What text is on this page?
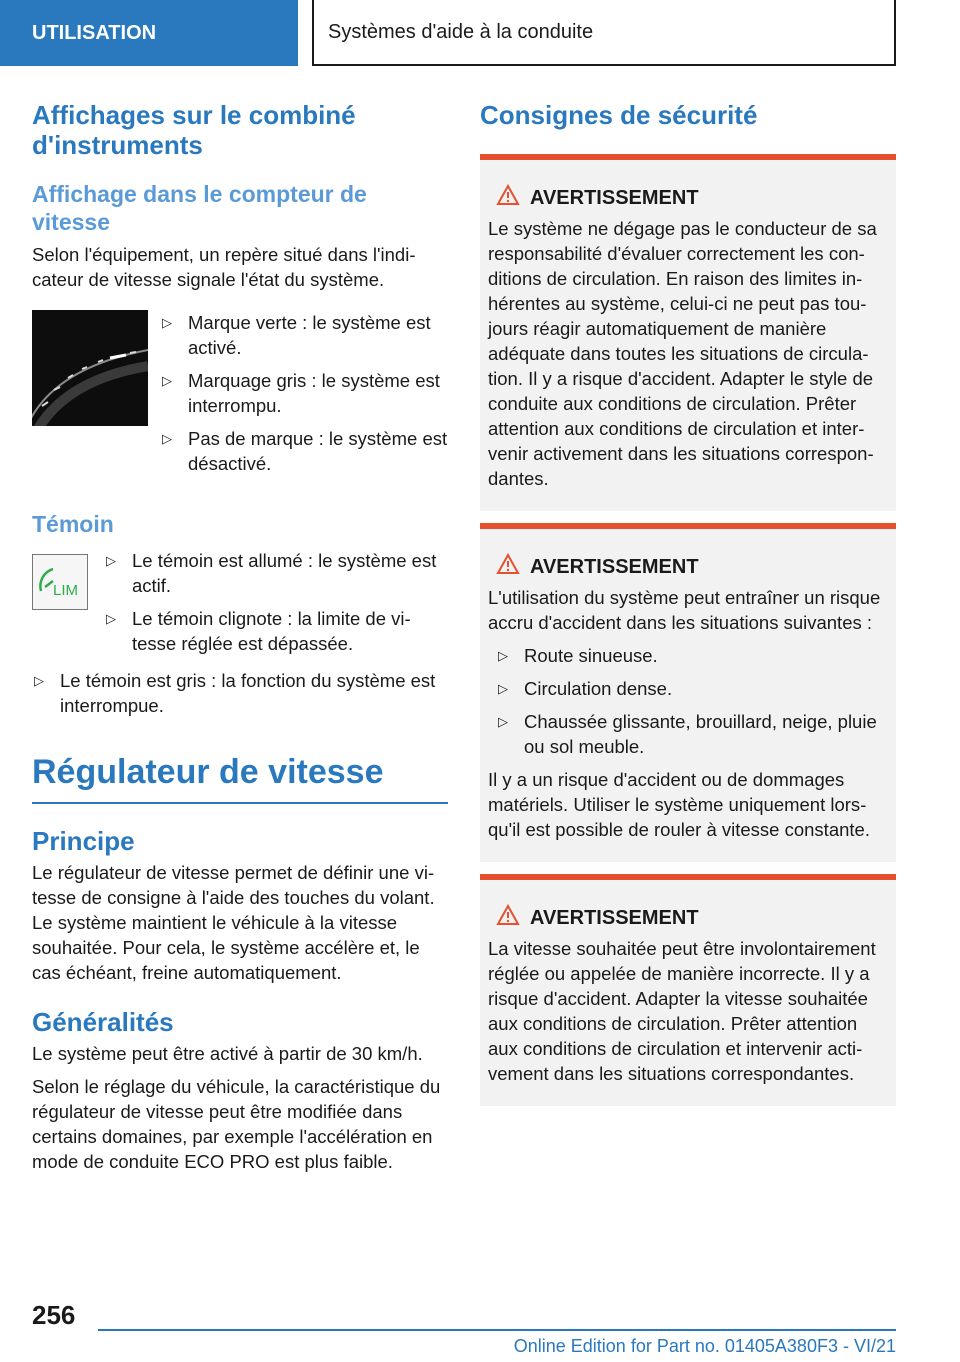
UTILISATION	Systèmes d'aide à la conduite
Affichages sur le combiné d'instruments
Affichage dans le compteur de vitesse
Selon l'équipement, un repère situé dans l'indicateur de vitesse signale l'état du système.
▷ Marque verte : le système est activé.
▷ Marquage gris : le système est interrompu.
▷ Pas de marque : le système est désactivé.
Témoin
LIM
▷ Le témoin est allumé : le système est actif.
▷ Le témoin clignote : la limite de vitesse réglée est dépassée.
▷ Le témoin est gris : la fonction du système est interrompue.
Régulateur de vitesse
Principe
Le régulateur de vitesse permet de définir une vitesse de consigne à l'aide des touches du volant. Le système maintient le véhicule à la vitesse souhaitée. Pour cela, le système accélère et, le cas échéant, freine automatiquement.
Généralités
Le système peut être activé à partir de 30 km/h.
Selon le réglage du véhicule, la caractéristique du régulateur de vitesse peut être modifiée dans certains domaines, par exemple l'accélération en mode de conduite ECO PRO est plus faible.
Consignes de sécurité
AVERTISSEMENT
Le système ne dégage pas le conducteur de sa responsabilité d'évaluer correctement les conditions de circulation. En raison des limites inhérentes au système, celui-ci ne peut pas toujours réagir automatiquement de manière adéquate dans toutes les situations de circulation. Il y a risque d'accident. Adapter le style de conduite aux conditions de circulation. Prêter attention aux conditions de circulation et intervenir activement dans les situations correspondantes.
AVERTISSEMENT
L'utilisation du système peut entraîner un risque accru d'accident dans les situations suivantes :
▷ Route sinueuse.
▷ Circulation dense.
▷ Chaussée glissante, brouillard, neige, pluie ou sol meuble.
Il y a un risque d'accident ou de dommages matériels. Utiliser le système uniquement lorsqu'il est possible de rouler à vitesse constante.
AVERTISSEMENT
La vitesse souhaitée peut être involontairement réglée ou appelée de manière incorrecte. Il y a risque d'accident. Adapter la vitesse souhaitée aux conditions de circulation. Prêter attention aux conditions de circulation et intervenir activement dans les situations correspondantes.
256
Online Edition for Part no. 01405A380F3 - VI/21
